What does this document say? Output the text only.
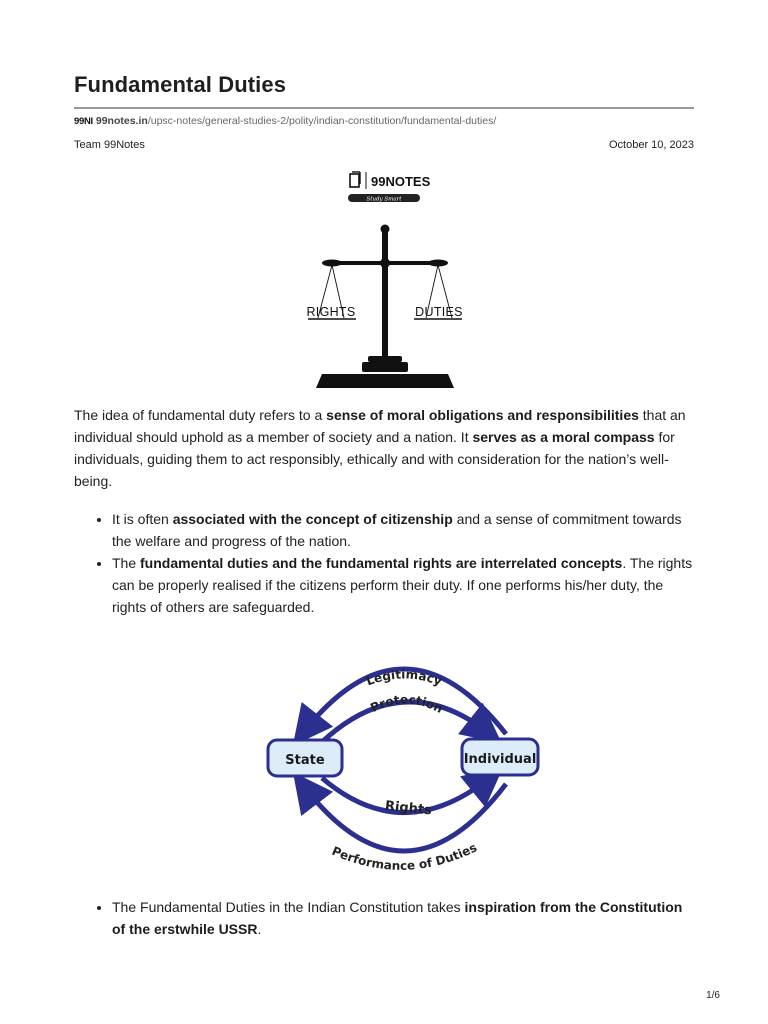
Fundamental Duties
99NI 99notes.in/upsc-notes/general-studies-2/polity/indian-constitution/fundamental-duties/
Team 99Notes	October 10, 2023
99NOTES
Study Smart
RIGHTS	DUTIES

The idea of fundamental duty refers to a sense of moral obligations and responsibilities that an individual should uphold as a member of society and a nation. It serves as a moral compass for individuals, guiding them to act responsibly, ethically and with consideration for the nation’s well-being.

• It is often associated with the concept of citizenship and a sense of commitment towards the welfare and progress of the nation.
• The fundamental duties and the fundamental rights are interrelated concepts. The rights can be properly realised if the citizens perform their duty. If one performs his/her duty, the rights of others are safeguarded.
Legitimacy
Protection
Rights
Performance of Duties
State	Individual
• The Fundamental Duties in the Indian Constitution takes inspiration from the Constitution of the erstwhile USSR.
1/6
